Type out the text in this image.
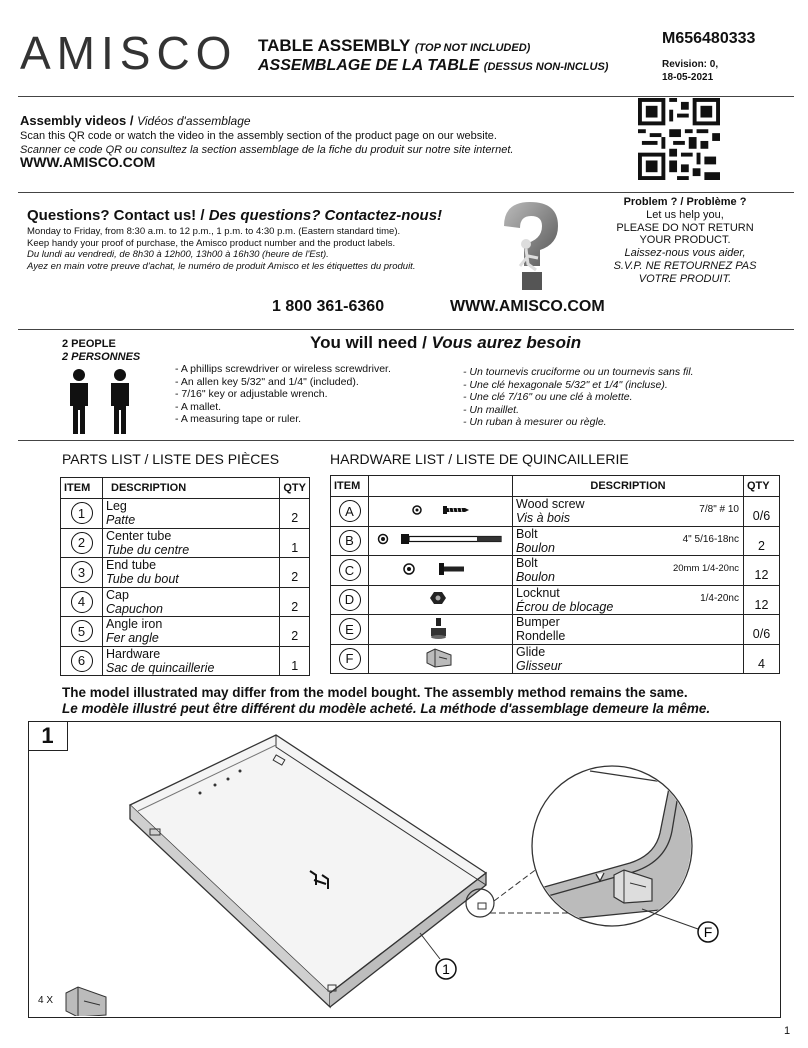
AMISCO TABLE ASSEMBLY (TOP NOT INCLUDED)
ASSEMBLAGE DE LA TABLE (DESSUS NON-INCLUS)
M656480333
Revision: 0,
18-05-2021
Assembly videos / Vidéos d'assemblage
Scan this QR code or watch the video in the assembly section of the product page on our website.
Scanner ce code QR ou consultez la section assemblage de la fiche du produit sur notre site internet.
WWW.AMISCO.COM
Questions? Contact us! / Des questions? Contactez-nous!
Monday to Friday, from 8:30 a.m. to 12 p.m., 1 p.m. to 4:30 p.m. (Eastern standard time).
Keep handy your proof of purchase, the Amisco product number and the product labels.
Du lundi au vendredi, de 8h30 à 12h00, 13h00 à 16h30 (heure de l'Est).
Ayez en main votre preuve d'achat, le numéro de produit Amisco et les étiquettes du produit.
Problem ? / Problème ?
Let us help you,
PLEASE DO NOT RETURN
YOUR PRODUCT.
Laissez-nous vous aider,
S.V.P. NE RETOURNEZ PAS
VOTRE PRODUIT.
1 800 361-6360	WWW.AMISCO.COM
2 PEOPLE
2 PERSONNES
You will need / Vous aurez besoin
- A phillips screwdriver or wireless screwdriver.
- An allen key 5/32" and 1/4" (included).
- 7/16" key or adjustable wrench.
- A mallet.
- A measuring tape or ruler.
- Un tournevis cruciforme ou un tournevis sans fil.
- Une clé hexagonale 5/32" et 1/4" (incluse).
- Une clé 7/16" ou une clé à molette.
- Un maillet.
- Un ruban à mesurer ou règle.
PARTS LIST / LISTE DES PIÈCES
ITEM	DESCRIPTION	QTY
1	Leg
Patte	2
2	Center tube
Tube du centre	1
3	End tube
Tube du bout	2
4	Cap
Capuchon	2
5	Angle iron
Fer angle	2
6	Hardware
Sac de quincaillerie	1
HARDWARE LIST / LISTE DE QUINCAILLERIE
ITEM		DESCRIPTION	QTY
A		Wood screw
Vis à bois
7/8" # 10	0/6
B		Bolt
Boulon
4" 5/16-18nc	2
C		Bolt
Boulon
20mm 1/4-20nc	12
D		Locknut
Écrou de blocage
1/4-20nc	12
E		Bumper
Rondelle	0/6
F		Glide
Glisseur	4
The model illustrated may differ from the model bought. The assembly method remains the same.
Le modèle illustré peut être différent du modèle acheté. La méthode d'assemblage demeure la même.
1
F
1
4 X
1
